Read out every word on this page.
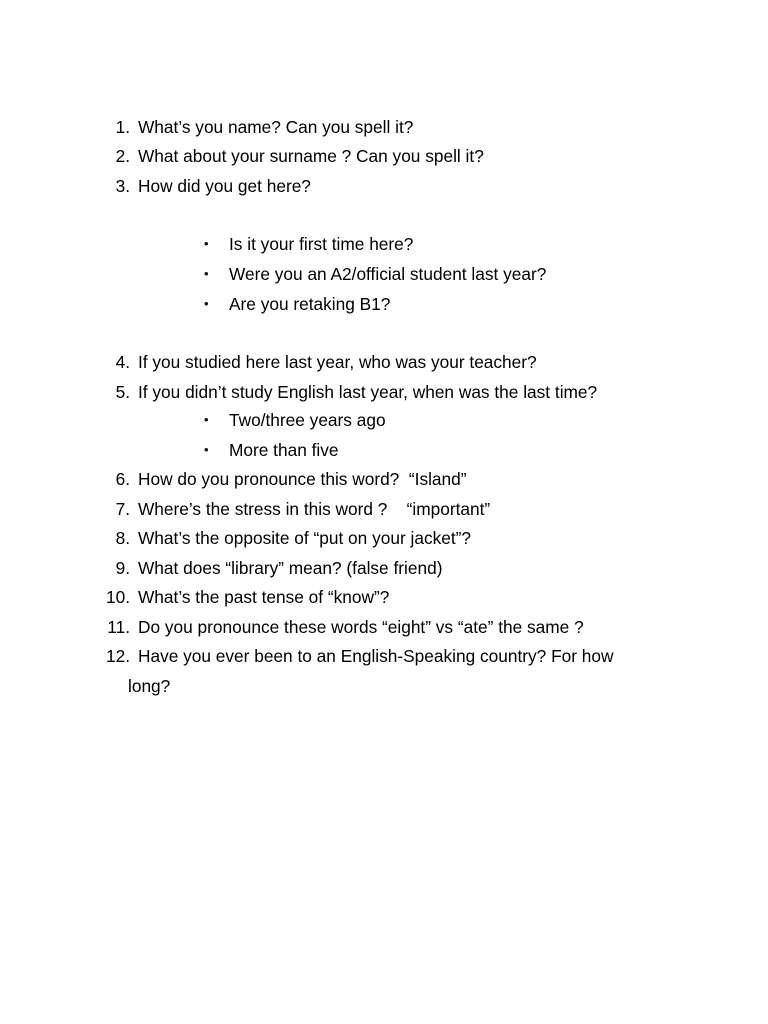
1. What’s you name? Can you spell it?
2. What about your surname ? Can you spell it?
3. How did you get here?
• Is it your first time here?
• Were you an A2/official student last year?
• Are you retaking B1?
4. If you studied here last year, who was your teacher?
5. If you didn’t study English last year, when was the last time?
• Two/three years ago
• More than five
6. How do you pronounce this word?  “Island”
7. Where’s the stress in this word ?    “important”
8. What’s the opposite of “put on your jacket”?
9. What does “library” mean? (false friend)
10. What’s the past tense of “know”?
11. Do you pronounce these words “eight” vs “ate” the same ?
12. Have you ever been to an English-Speaking country? For how
long?
